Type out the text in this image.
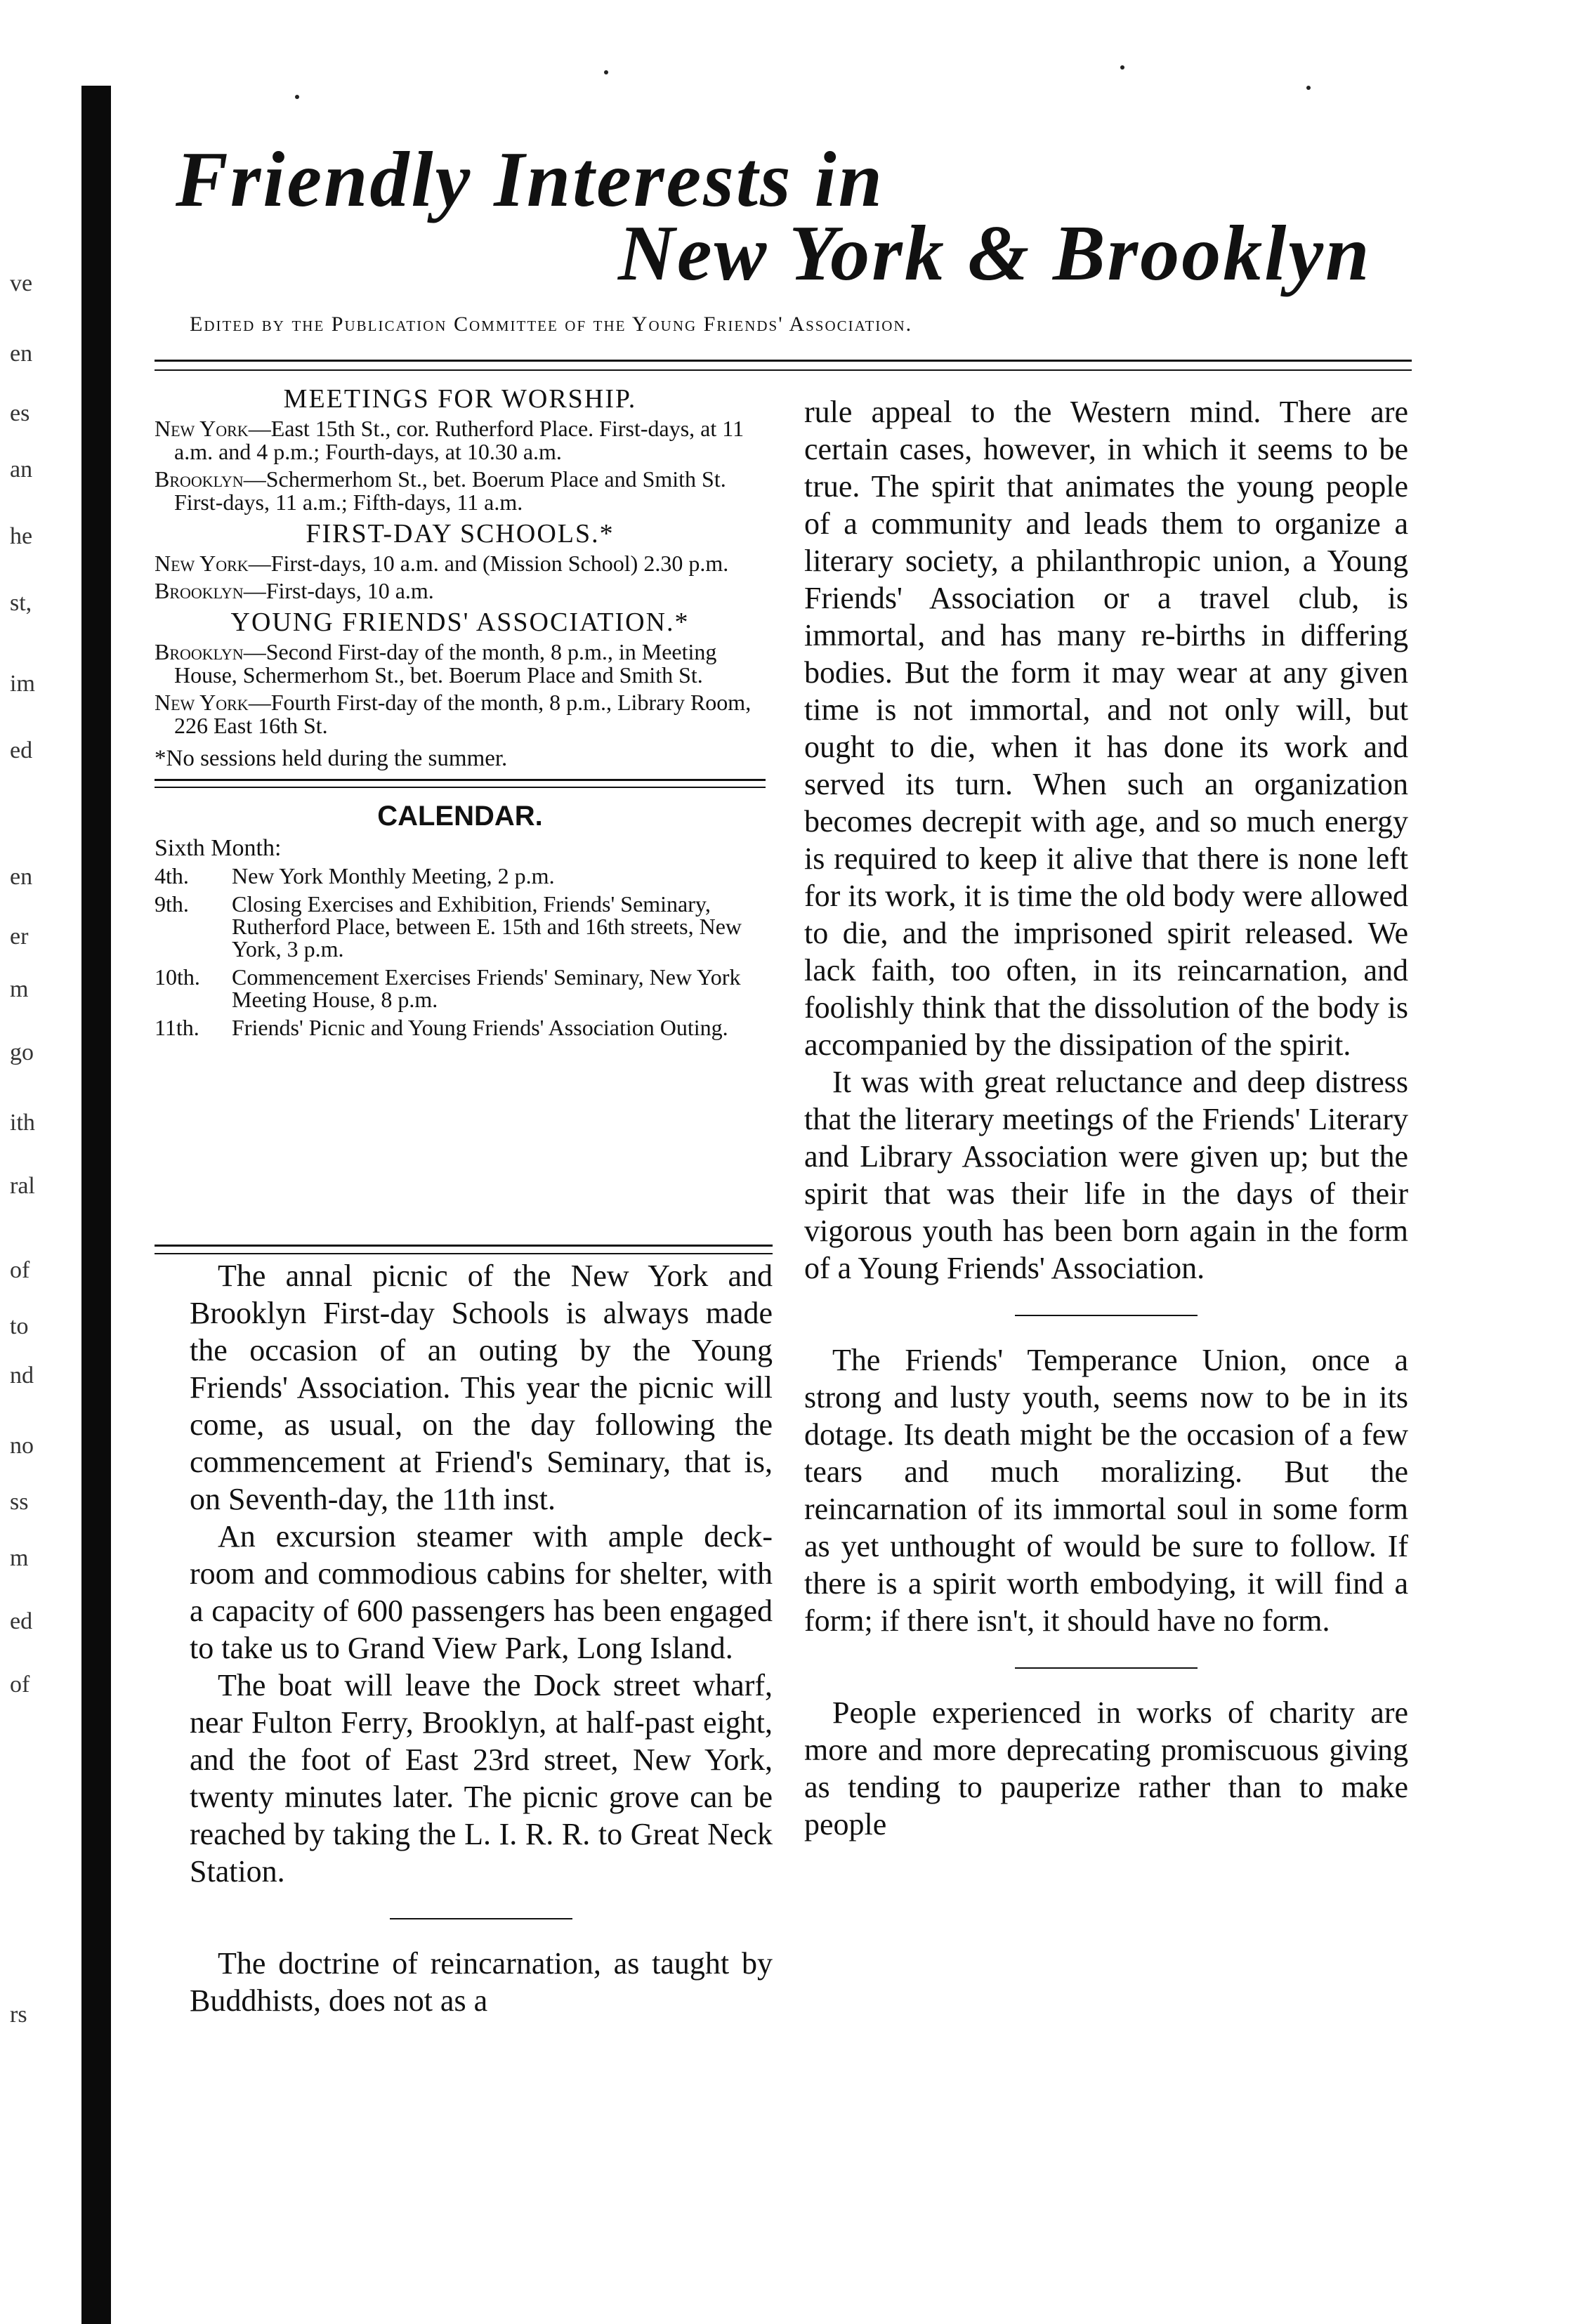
ve
en
es
an
he
st,
im
ed
en
er
m
go
ith
ral
of
to
nd
no
ss
m
ed
of
rs
Friendly Interests in
New York & Brooklyn
Edited by the Publication Committee of the Young Friends' Association.
MEETINGS FOR WORSHIP.
New York—East 15th St., cor. Rutherford Place. First-days, at 11 a.m. and 4 p.m.; Fourth-days, at 10.30 a.m.
Brooklyn—Schermerhom St., bet. Boerum Place and Smith St. First-days, 11 a.m.; Fifth-days, 11 a.m.
FIRST-DAY SCHOOLS.*
New York—First-days, 10 a.m. and (Mission School) 2.30 p.m.
Brooklyn—First-days, 10 a.m.
YOUNG FRIENDS' ASSOCIATION.*
Brooklyn—Second First-day of the month, 8 p.m., in Meeting House, Schermerhom St., bet. Boerum Place and Smith St.
New York—Fourth First-day of the month, 8 p.m., Library Room, 226 East 16th St.
*No sessions held during the summer.
CALENDAR.
Sixth Month:
4th.	New York Monthly Meeting, 2 p.m.
9th.	Closing Exercises and Exhibition, Friends' Seminary, Rutherford Place, between E. 15th and 16th streets, New York, 3 p.m.
10th.	Commencement Exercises Friends' Seminary, New York Meeting House, 8 p.m.
11th.	Friends' Picnic and Young Friends' Association Outing.

The annal picnic of the New York and Brooklyn First-day Schools is always made the occasion of an outing by the Young Friends' Association. This year the picnic will come, as usual, on the day following the commencement at Friend's Seminary, that is, on Seventh-day, the 11th inst.

An excursion steamer with ample deck-room and commodious cabins for shelter, with a capacity of 600 passengers has been engaged to take us to Grand View Park, Long Island.

The boat will leave the Dock street wharf, near Fulton Ferry, Brooklyn, at half-past eight, and the foot of East 23rd street, New York, twenty minutes later. The picnic grove can be reached by taking the L. I. R. R. to Great Neck Station.

The doctrine of reincarnation, as taught by Buddhists, does not as a

rule appeal to the Western mind. There are certain cases, however, in which it seems to be true. The spirit that animates the young people of a community and leads them to organize a literary society, a philanthropic union, a Young Friends' Association or a travel club, is immortal, and has many re-births in differing bodies. But the form it may wear at any given time is not immortal, and not only will, but ought to die, when it has done its work and served its turn. When such an organization becomes decrepit with age, and so much energy is required to keep it alive that there is none left for its work, it is time the old body were allowed to die, and the imprisoned spirit released. We lack faith, too often, in its reincarnation, and foolishly think that the dissolution of the body is accompanied by the dissipation of the spirit.

It was with great reluctance and deep distress that the literary meetings of the Friends' Literary and Library Association were given up; but the spirit that was their life in the days of their vigorous youth has been born again in the form of a Young Friends' Association.

The Friends' Temperance Union, once a strong and lusty youth, seems now to be in its dotage. Its death might be the occasion of a few tears and much moralizing. But the reincarnation of its immortal soul in some form as yet unthought of would be sure to follow. If there is a spirit worth embodying, it will find a form; if there isn't, it should have no form.

People experienced in works of charity are more and more deprecating promiscuous giving as tending to pauperize rather than to make people
